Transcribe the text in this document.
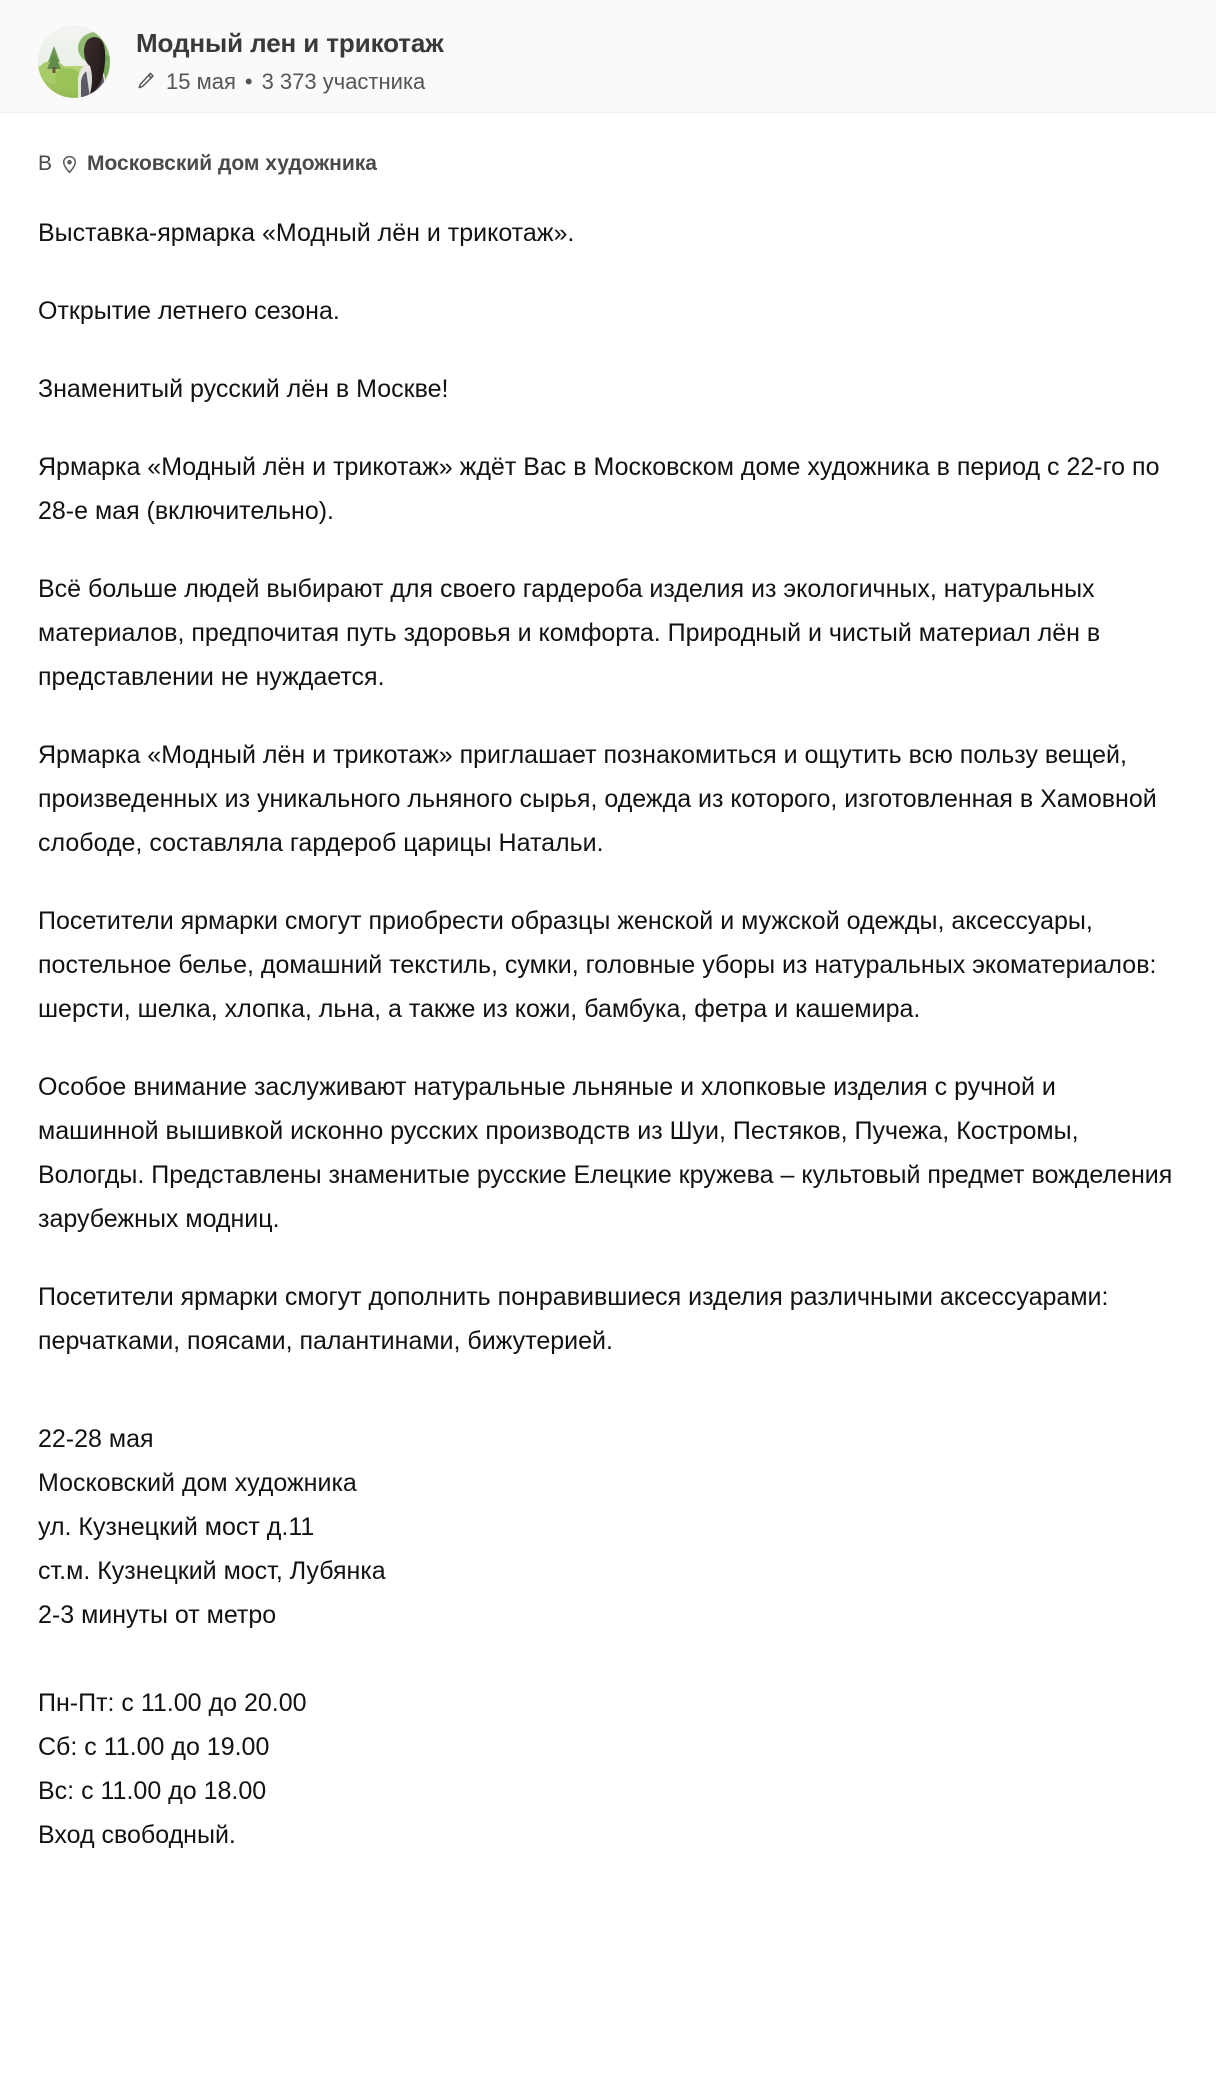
Модный лен и трикотаж
15 мая • 3 373 участника
В Московский дом художника

Выставка-ярмарка «Модный лён и трикотаж».

Открытие летнего сезона.

Знаменитый русский лён в Москве!

Ярмарка «Модный лён и трикотаж» ждёт Вас в Московском доме художника в период с 22-го по 28-е мая (включительно).

Всё больше людей выбирают для своего гардероба изделия из экологичных, натуральных материалов, предпочитая путь здоровья и комфорта. Природный и чистый материал лён в представлении не нуждается.

Ярмарка «Модный лён и трикотаж» приглашает познакомиться и ощутить всю пользу вещей, произведенных из уникального льняного сырья, одежда из которого, изготовленная в Хамовной слободе, составляла гардероб царицы Натальи.

Посетители ярмарки смогут приобрести образцы женской и мужской одежды, аксессуары, постельное белье, домашний текстиль, сумки, головные уборы из натуральных экоматериалов: шерсти, шелка, хлопка, льна, а также из кожи, бамбука, фетра и кашемира.

Особое внимание заслуживают натуральные льняные и хлопковые изделия с ручной и машинной вышивкой исконно русских производств из Шуи, Пестяков, Пучежа, Костромы, Вологды. Представлены знаменитые русские Елецкие кружева – культовый предмет вожделения зарубежных модниц.

Посетители ярмарки смогут дополнить понравившиеся изделия различными аксессуарами: перчатками, поясами, палантинами, бижутерией.

22-28 мая
Московский дом художника
ул. Кузнецкий мост д.11
ст.м. Кузнецкий мост, Лубянка
2-3 минуты от метро
Пн-Пт: с 11.00 до 20.00
Сб: с 11.00 до 19.00
Вс: с 11.00 до 18.00
Вход свободный.
